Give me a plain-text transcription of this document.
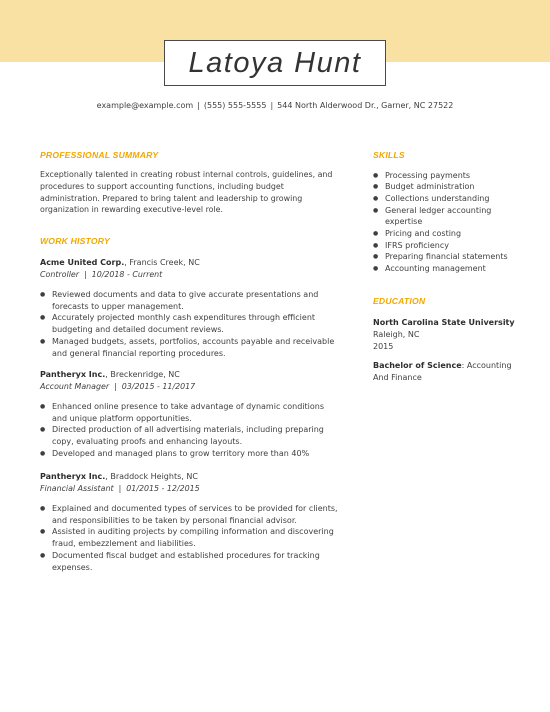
Latoya Hunt
example@example.com | (555) 555-5555 | 544 North Alderwood Dr., Garner, NC 27522
PROFESSIONAL SUMMARY
Exceptionally talented in creating robust internal controls, guidelines, and procedures to support accounting functions, including budget administration. Prepared to bring talent and leadership to growing organization in rewarding executive-level role.
WORK HISTORY
Acme United Corp., Francis Creek, NC
Controller | 10/2018 - Current
● Reviewed documents and data to give accurate presentations and forecasts to upper management.
● Accurately projected monthly cash expenditures through efficient budgeting and detailed document reviews.
● Managed budgets, assets, portfolios, accounts payable and receivable and general financial reporting procedures.
Pantheryx Inc., Breckenridge, NC
Account Manager | 03/2015 - 11/2017
● Enhanced online presence to take advantage of dynamic conditions and unique platform opportunities.
● Directed production of all advertising materials, including preparing copy, evaluating proofs and enhancing layouts.
● Developed and managed plans to grow territory more than 40%
Pantheryx Inc., Braddock Heights, NC
Financial Assistant | 01/2015 - 12/2015
● Explained and documented types of services to be provided for clients, and responsibilities to be taken by personal financial advisor.
● Assisted in auditing projects by compiling information and discovering fraud, embezzlement and liabilities.
● Documented fiscal budget and established procedures for tracking expenses.
SKILLS
● Processing payments
● Budget administration
● Collections understanding
● General ledger accounting expertise
● Pricing and costing
● IFRS proficiency
● Preparing financial statements
● Accounting management
EDUCATION
North Carolina State University
Raleigh, NC
2015
Bachelor of Science: Accounting And Finance
